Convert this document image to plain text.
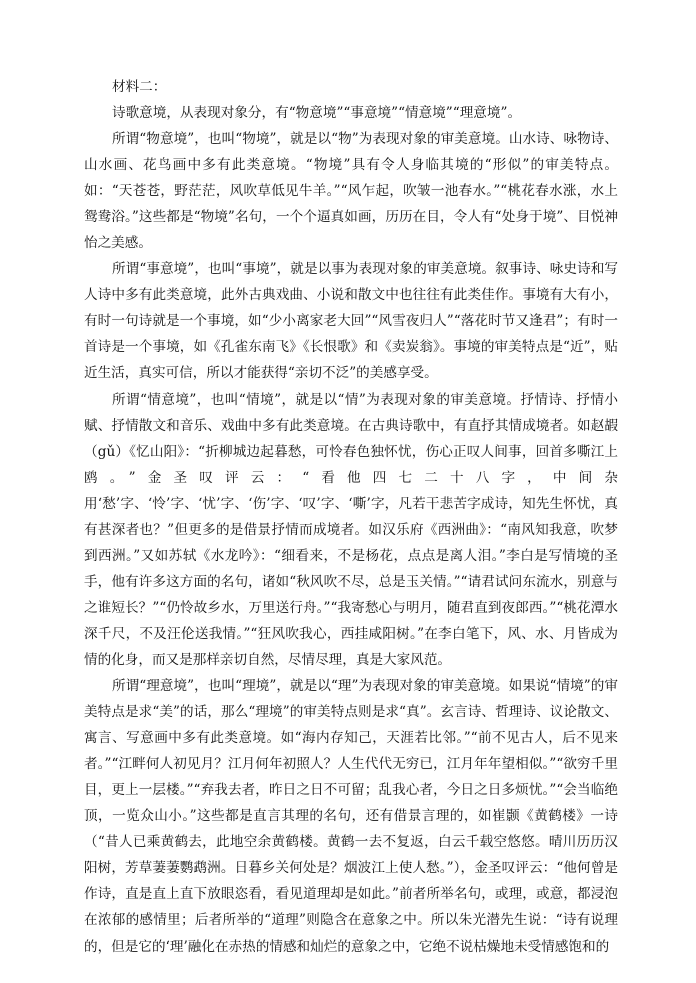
材料二：

诗歌意境，从表现对象分，有“物意境”“事意境”“情意境”“理意境”。

所谓“物意境”，也叫“物境”，就是以“物”为表现对象的审美意境。山水诗、咏物诗、山水画、花鸟画中多有此类意境。“物境”具有令人身临其境的“形似”的审美特点。如：“天苍苍，野茫茫，风吹草低见牛羊。”“风乍起，吹皱一池春水。”“桃花春水涨，水上鸳鸯浴。”这些都是“物境”名句，一个个逼真如画，历历在目，令人有“处身于境”、目悦神怡之美感。

所谓“事意境”，也叫“事境”，就是以事为表现对象的审美意境。叙事诗、咏史诗和写人诗中多有此类意境，此外古典戏曲、小说和散文中也往往有此类佳作。事境有大有小，有时一句诗就是一个事境，如“少小离家老大回”“风雪夜归人”“落花时节又逢君”；有时一首诗是一个事境，如《孔雀东南飞》《长恨歌》和《卖炭翁》。事境的审美特点是“近”，贴近生活，真实可信，所以才能获得“亲切不泛”的美感享受。

所谓“情意境”，也叫“情境”，就是以“情”为表现对象的审美意境。抒情诗、抒情小赋、抒情散文和音乐、戏曲中多有此类意境。在古典诗歌中，有直抒其情成境者。如赵嘏（gǔ）《忆山阳》：“折柳城边起暮愁，可怜春色独怀忧，伤心正叹人间事，回首多嘶江上鸥。”金圣叹评云：“看他四七二十八字，中间杂用‘愁’字、‘怜’字、‘忧’字、‘伤’字、‘叹’字、‘嘶’字，凡若干悲苦字成诗，知先生怀忧，真有甚深者也？”但更多的是借景抒情而成境者。如汉乐府《西洲曲》：“南风知我意，吹梦到西洲。”又如苏轼《水龙吟》：“细看来，不是杨花，点点是离人泪。”李白是写情境的圣手，他有许多这方面的名句，诸如“秋风吹不尽，总是玉关情。”“请君试问东流水，别意与之谁短长？”“仍怜故乡水，万里送行舟。”“我寄愁心与明月，随君直到夜郎西。”“桃花潭水深千尺，不及汪伦送我情。”“狂风吹我心，西挂咸阳树。”在李白笔下，风、水、月皆成为情的化身，而又是那样亲切自然，尽情尽理，真是大家风范。

所谓“理意境”，也叫“理境”，就是以“理”为表现对象的审美意境。如果说“情境”的审美特点是求“美”的话，那么“理境”的审美特点则是求“真”。玄言诗、哲理诗、议论散文、寓言、写意画中多有此类意境。如“海内存知己，天涯若比邻。”“前不见古人，后不见来者。”“江畔何人初见月？江月何年初照人？人生代代无穷已，江月年年望相似。”“欲穷千里目，更上一层楼。”“弃我去者，昨日之日不可留；乱我心者，今日之日多烦忧。”“会当临绝顶，一览众山小。”这些都是直言其理的名句，还有借景言理的，如崔颢《黄鹤楼》一诗（“昔人已乘黄鹤去，此地空余黄鹤楼。黄鹤一去不复返，白云千载空悠悠。晴川历历汉阳树，芳草萋萋鹦鹉洲。日暮乡关何处是？烟波江上使人愁。”），金圣叹评云：“他何曾是作诗，直是直上直下放眼恣看，看见道理却是如此。”前者所举名句，或理，或意，都浸泡在浓郁的感情里；后者所举的“道理”则隐含在意象之中。所以朱光潜先生说：“诗有说理的，但是它的‘理’融化在赤热的情感和灿烂的意象之中，它绝不说枯燥地未受情感饱和的
